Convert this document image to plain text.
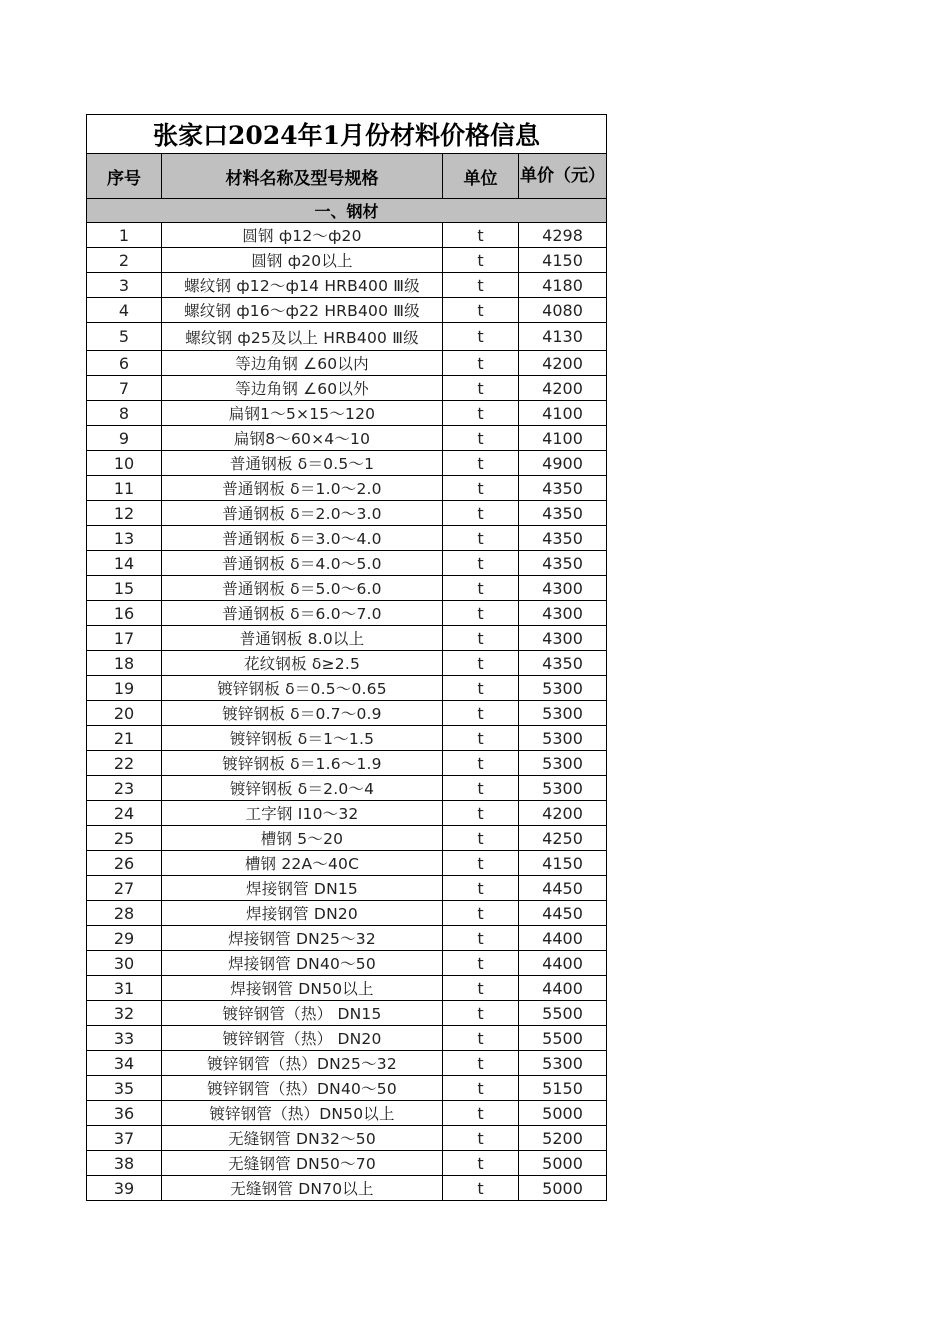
张家口2024年1月份材料价格信息			
序号	材料名称及型号规格	单位	单价（元）
一、钢材			
1	圆钢 ф12～ф20	t	4298
2	圆钢 ф20以上	t	4150
3	螺纹钢 ф12～ф14 HRB400 Ⅲ级	t	4180
4	螺纹钢 ф16～ф22 HRB400 Ⅲ级	t	4080
5	螺纹钢 ф25及以上 HRB400 Ⅲ级	t	4130
6	等边角钢 ∠60以内	t	4200
7	等边角钢 ∠60以外	t	4200
8	扁钢1～5×15～120	t	4100
9	扁钢8～60×4～10	t	4100
10	普通钢板 δ＝0.5～1	t	4900
11	普通钢板 δ＝1.0～2.0	t	4350
12	普通钢板 δ＝2.0～3.0	t	4350
13	普通钢板 δ＝3.0～4.0	t	4350
14	普通钢板 δ＝4.0～5.0	t	4350
15	普通钢板 δ＝5.0～6.0	t	4300
16	普通钢板 δ＝6.0～7.0	t	4300
17	普通钢板 8.0以上	t	4300
18	花纹钢板 δ≥2.5	t	4350
19	镀锌钢板 δ＝0.5～0.65	t	5300
20	镀锌钢板 δ＝0.7～0.9	t	5300
21	镀锌钢板 δ＝1～1.5	t	5300
22	镀锌钢板 δ＝1.6～1.9	t	5300
23	镀锌钢板 δ＝2.0～4	t	5300
24	工字钢 Ⅰ10～32	t	4200
25	槽钢 5～20	t	4250
26	槽钢 22A～40C	t	4150
27	焊接钢管 DN15	t	4450
28	焊接钢管 DN20	t	4450
29	焊接钢管 DN25～32	t	4400
30	焊接钢管 DN40～50	t	4400
31	焊接钢管 DN50以上	t	4400
32	镀锌钢管（热） DN15	t	5500
33	镀锌钢管（热） DN20	t	5500
34	镀锌钢管（热）DN25～32	t	5300
35	镀锌钢管（热）DN40～50	t	5150
36	镀锌钢管（热）DN50以上	t	5000
37	无缝钢管 DN32～50	t	5200
38	无缝钢管 DN50～70	t	5000
39	无缝钢管 DN70以上	t	5000
